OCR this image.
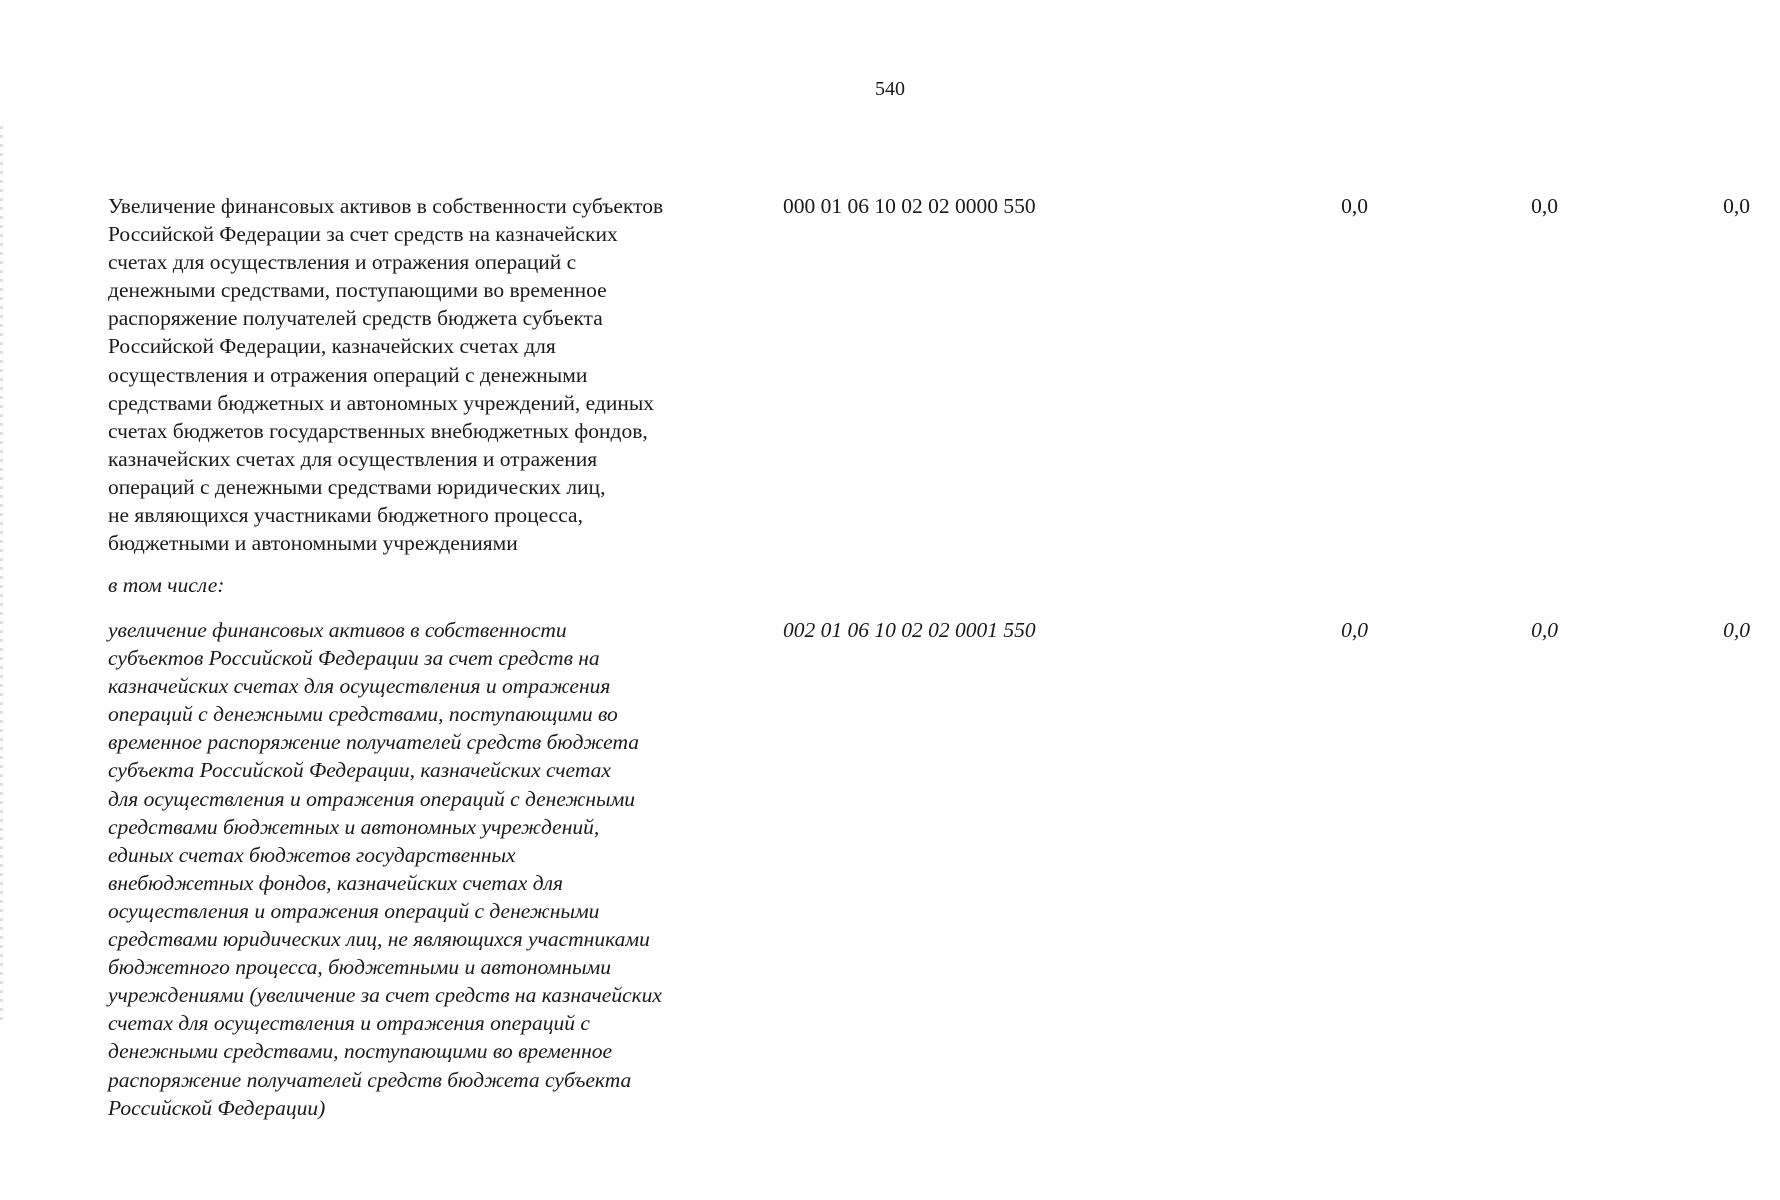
540
Увеличение финансовых активов в собственности субъектов
Российской Федерации за счет средств на казначейских
счетах для осуществления и отражения операций с
денежными средствами, поступающими во временное
распоряжение получателей средств бюджета субъекта
Российской Федерации, казначейских счетах для
осуществления и отражения операций с денежными
средствами бюджетных и автономных учреждений, единых
счетах бюджетов государственных внебюджетных фондов,
казначейских счетах для осуществления и отражения
операций с денежными средствами юридических лиц,
не являющихся участниками бюджетного процесса,
бюджетными и автономными учреждениями
000 01 06 10 02 02 0000 550	0,0	0,0	0,0
в том числе:
увеличение финансовых активов в собственности
субъектов Российской Федерации за счет средств на
казначейских счетах для осуществления и отражения
операций с денежными средствами, поступающими во
временное распоряжение получателей средств бюджета
субъекта Российской Федерации, казначейских счетах
для осуществления и отражения операций с денежными
средствами бюджетных и автономных учреждений,
единых счетах бюджетов государственных
внебюджетных фондов, казначейских счетах для
осуществления и отражения операций с денежными
средствами юридических лиц, не являющихся участниками
бюджетного процесса, бюджетными и автономными
учреждениями (увеличение за счет средств на казначейских
счетах для осуществления и отражения операций с
денежными средствами, поступающими во временное
распоряжение получателей средств бюджета субъекта
Российской Федерации)
002 01 06 10 02 02 0001 550	0,0	0,0	0,0
